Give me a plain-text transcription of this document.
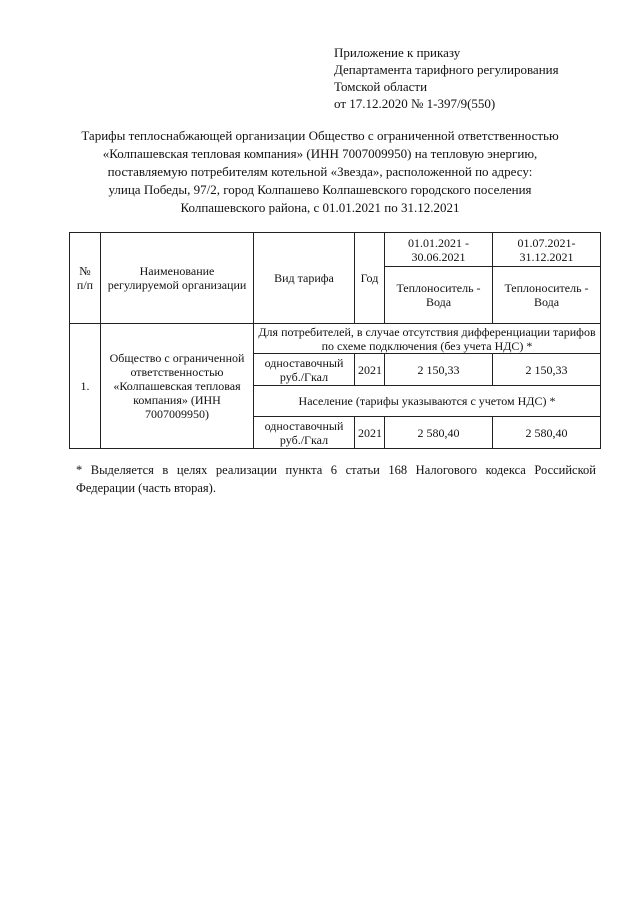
Приложение к приказу
Департамента тарифного регулирования
Томской области
от 17.12.2020 № 1-397/9(550)
Тарифы теплоснабжающей организации Общество с ограниченной ответственностью
«Колпашевская тепловая компания» (ИНН 7007009950) на тепловую энергию,
поставляемую потребителям котельной «Звезда», расположенной по адресу:
улица Победы, 97/2, город Колпашево Колпашевского городского поселения
Колпашевского района, с 01.01.2021 по 31.12.2021
№ п/п	Наименование регулируемой организации	Вид тарифа	Год	01.01.2021 - 30.06.2021	01.07.2021- 31.12.2021
				Теплоноситель - Вода	Теплоноситель - Вода
1.	Общество с ограниченной ответственностью «Колпашевская тепловая компания» (ИНН 7007009950)	Для потребителей, в случае отсутствия дифференциации тарифов по схеме подключения (без учета НДС) *			
		одноставочный руб./Гкал	2021	2 150,33	2 150,33
		Население (тарифы указываются с учетом НДС) *			
		одноставочный руб./Гкал	2021	2 580,40	2 580,40
* Выделяется в целях реализации пункта 6 статьи 168 Налогового кодекса Российской Федерации (часть вторая).
